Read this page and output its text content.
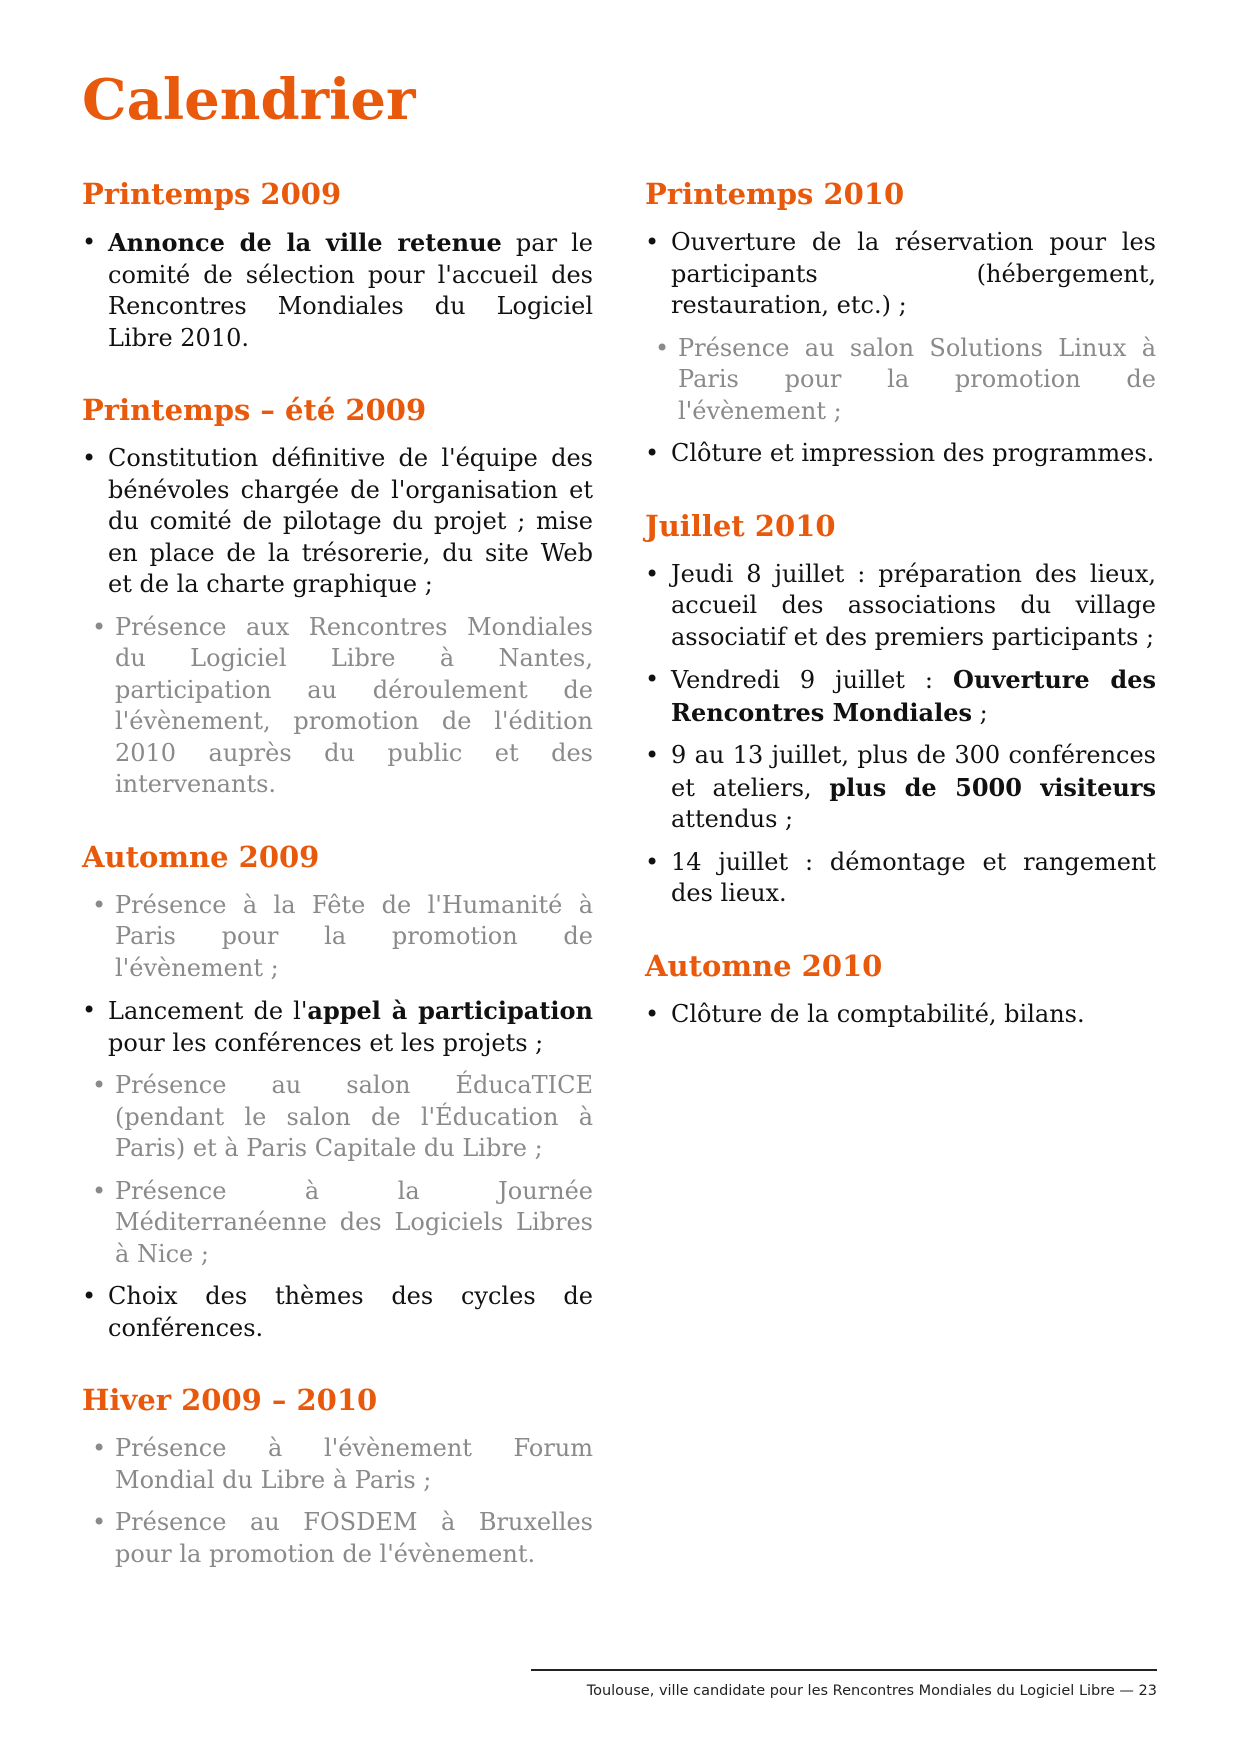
Calendrier
Printemps 2009
• Annonce de la ville retenue par le comité de sélection pour l'accueil des Rencontres Mondiales du Logiciel Libre 2010.
Printemps – été 2009
• Constitution définitive de l'équipe des bénévoles chargée de l'organisation et du comité de pilotage du projet ; mise en place de la trésorerie, du site Web et de la charte graphique ;
• Présence aux Rencontres Mondiales du Logiciel Libre à Nantes, participation au déroulement de l'évènement, promotion de l'édition 2010 auprès du public et des intervenants.
Automne 2009
• Présence à la Fête de l'Humanité à Paris pour la promotion de l'évènement ;
• Lancement de l'appel à participation pour les conférences et les projets ;
• Présence au salon ÉducaTICE (pendant le salon de l'Éducation à Paris) et à Paris Capitale du Libre ;
• Présence à la Journée Méditerranéenne des Logiciels Libres à Nice ;
• Choix des thèmes des cycles de conférences.
Hiver 2009 – 2010
• Présence à l'évènement Forum Mondial du Libre à Paris ;
• Présence au FOSDEM à Bruxelles pour la promotion de l'évènement.
Printemps 2010
• Ouverture de la réservation pour les participants (hébergement, restauration, etc.) ;
• Présence au salon Solutions Linux à Paris pour la promotion de l'évènement ;
• Clôture et impression des programmes.
Juillet 2010
• Jeudi 8 juillet : préparation des lieux, accueil des associations du village associatif et des premiers participants ;
• Vendredi 9 juillet : Ouverture des Rencontres Mondiales ;
• 9 au 13 juillet, plus de 300 conférences et ateliers, plus de 5000 visiteurs attendus ;
• 14 juillet : démontage et rangement des lieux.
Automne 2010
• Clôture de la comptabilité, bilans.
Toulouse, ville candidate pour les Rencontres Mondiales du Logiciel Libre — 23
